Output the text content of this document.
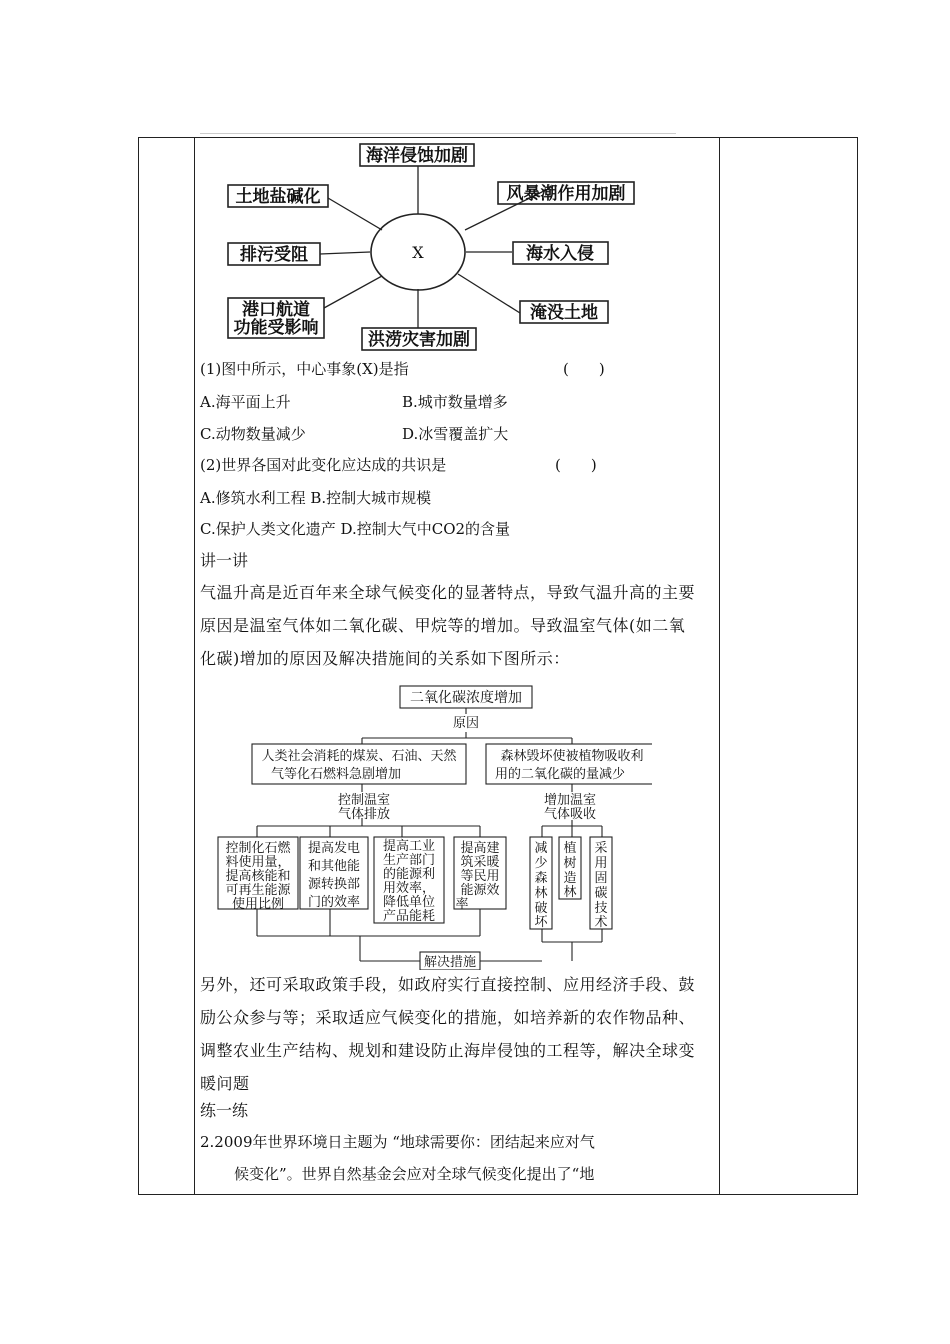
X
海洋侵蚀加剧
风暴潮作用加剧
海水入侵
淹没土地
洪涝灾害加剧
港口航道
功能受影响
排污受阻
土地盐碱化
(1)图中所示，中心事象(X)是指	(　　)
A.海平面上升	B.城市数量增多
C.动物数量减少	D.冰雪覆盖扩大
(2)世界各国对此变化应达成的共识是	(　　)
A.修筑水利工程 B.控制大城市规模
C.保护人类文化遗产 D.控制大气中CO2的含量
讲一讲
气温升高是近百年来全球气候变化的显著特点，导致气温升高的主要
原因是温室气体如二氧化碳、甲烷等的增加。导致温室气体(如二氧
化碳)增加的原因及解决措施间的关系如下图所示：
二氧化碳浓度增加
原因
人类社会消耗的煤炭、石油、天然
气等化石燃料急剧增加
森林毁坏使被植物吸收利
用的二氧化碳的量减少
控制温室
气体排放
增加温室
气体吸收
控制化石燃
料使用量，
提高核能和
可再生能源
使用比例
提高发电
和其他能
源转换部
门的效率
提高工业
生产部门
的能源利
用效率，
降低单位
产品能耗
提高建
筑采暖
等民用
能源效
率
减
少
森
林
破
坏
植
树
造
林
采
用
固
碳
技
术
解决措施
另外，还可采取政策手段，如政府实行直接控制、应用经济手段、鼓
励公众参与等；采取适应气候变化的措施，如培养新的农作物品种、
调整农业生产结构、规划和建设防止海岸侵蚀的工程等，解决全球变
暖问题
练一练
2.2009年世界环境日主题为 “地球需要你：团结起来应对气
候变化”。世界自然基金会应对全球气候变化提出了“地
